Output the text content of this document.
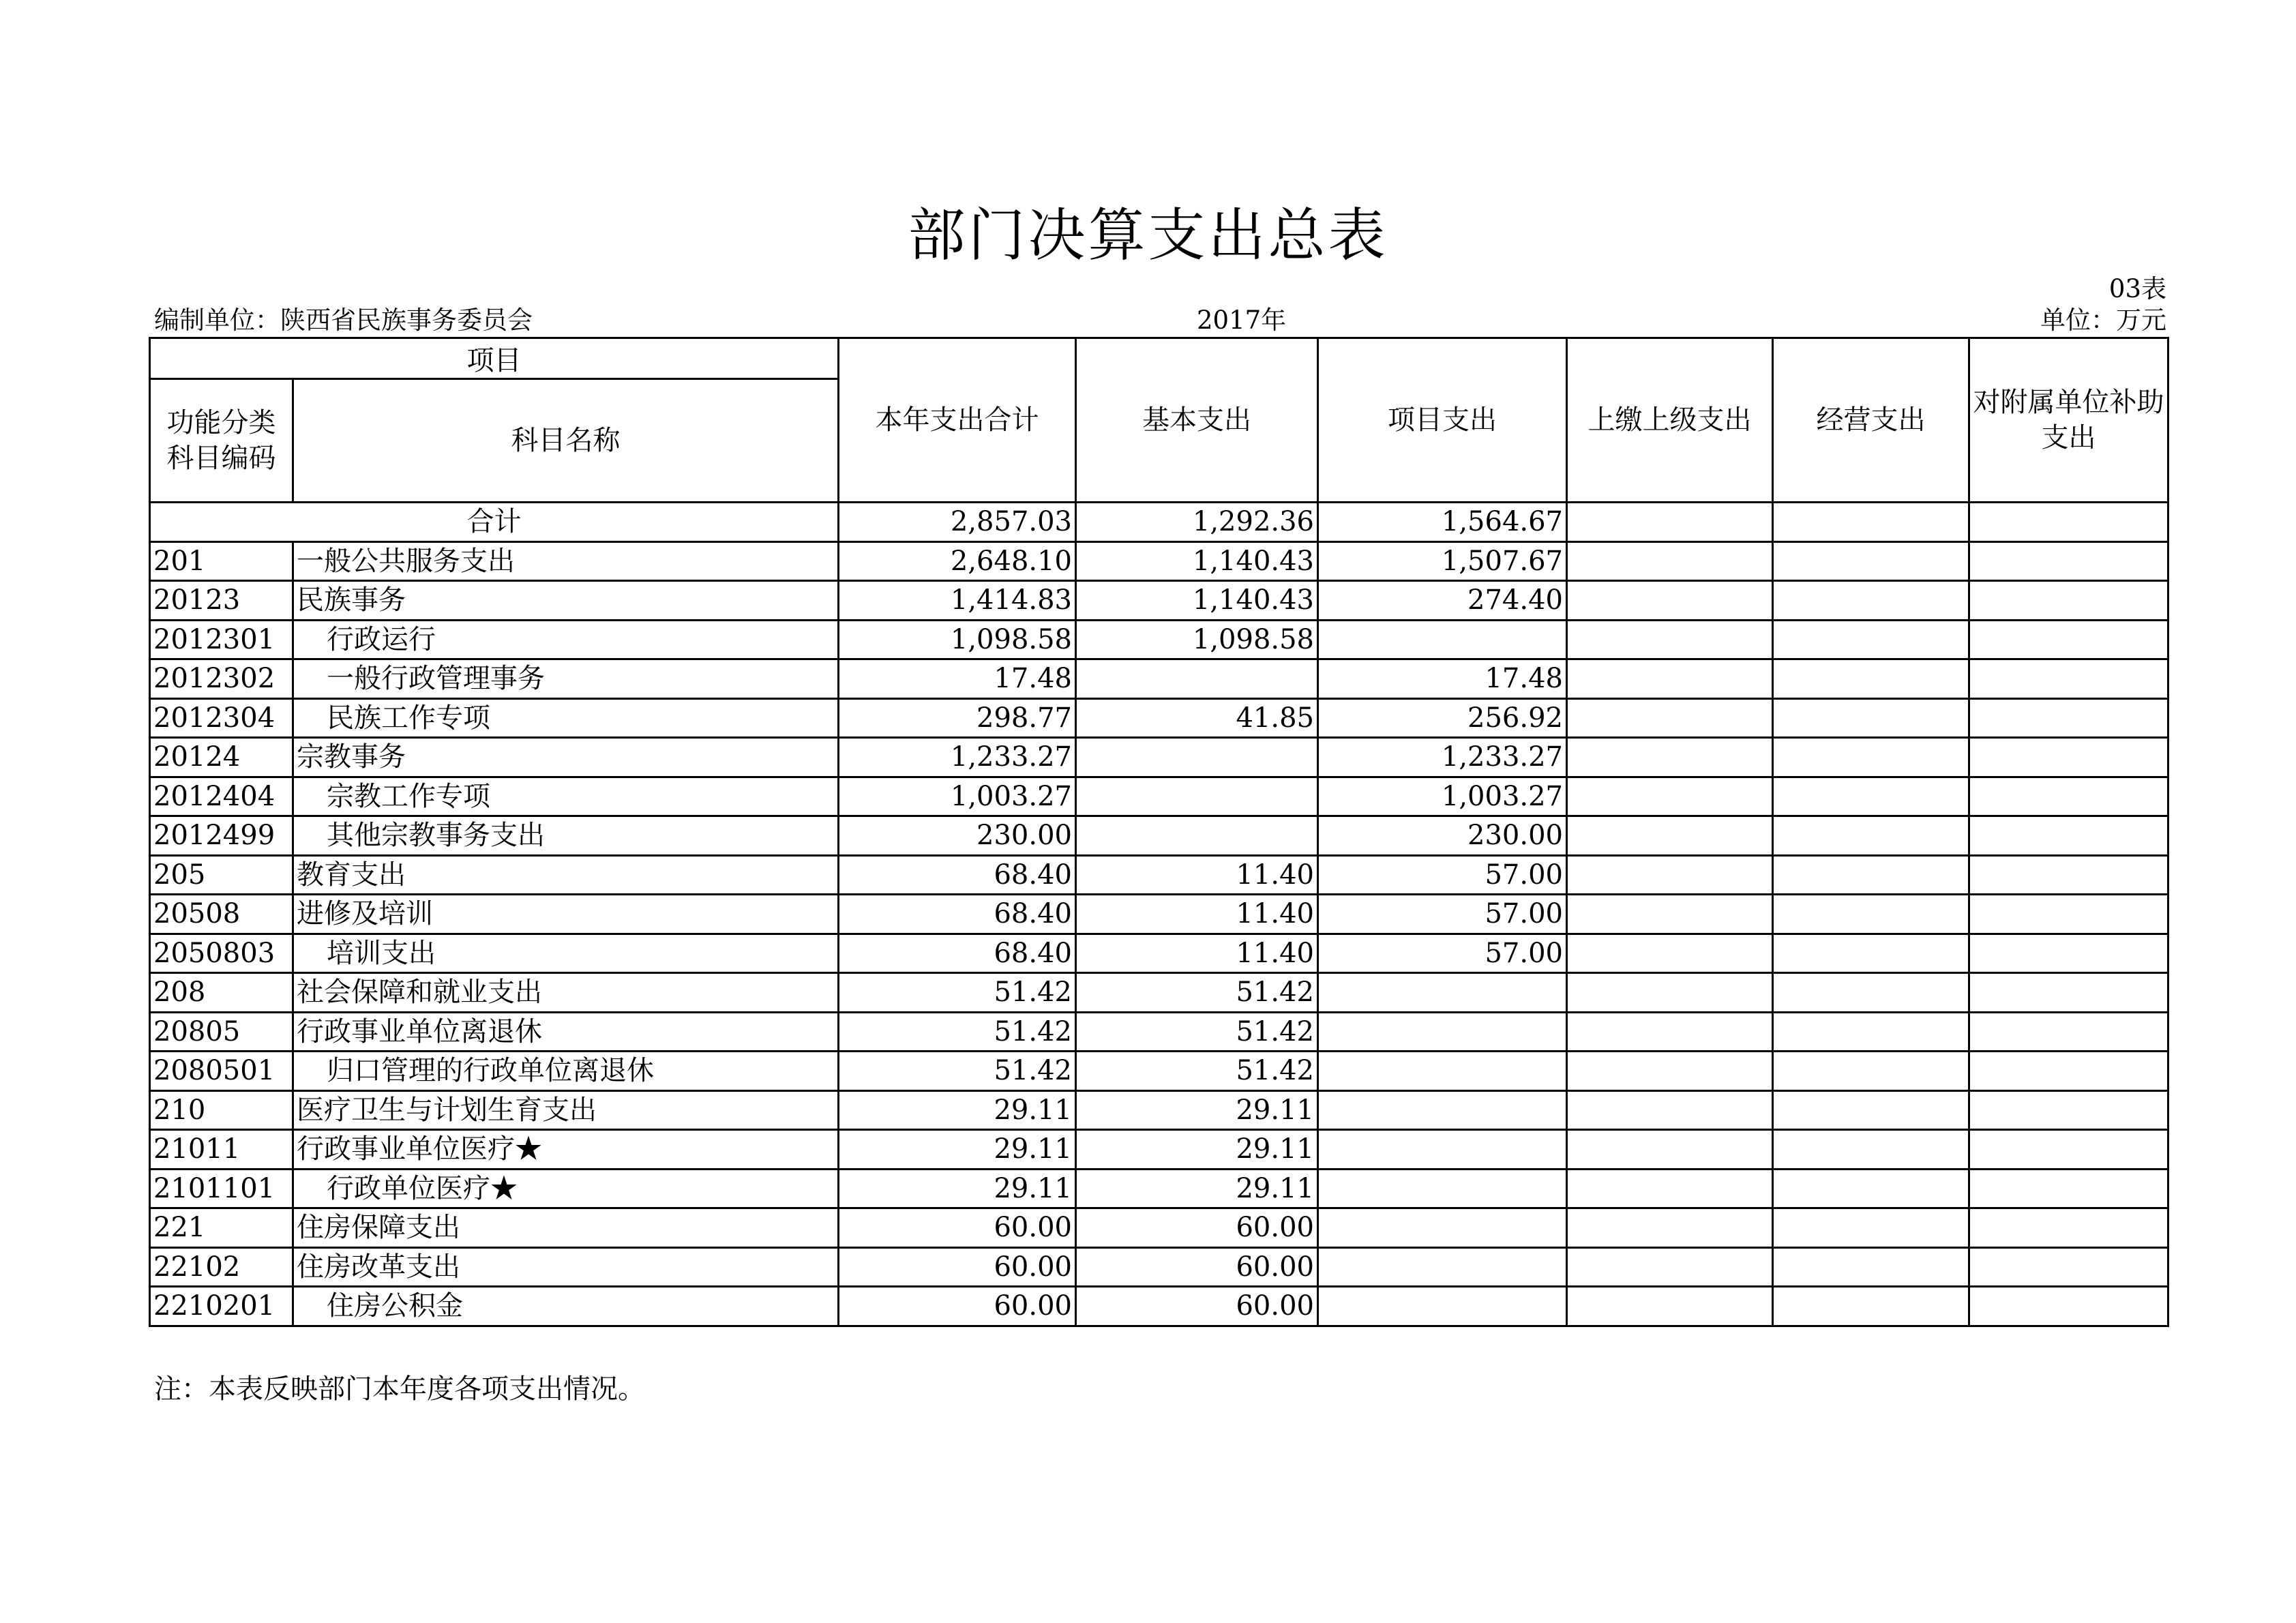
部门决算支出总表
03表
编制单位：陕西省民族事务委员会	2017年	单位：万元
项目		本年支出合计	基本支出	项目支出	上缴上级支出	经营支出	对附属单位补助支出
功能分类科目编码	科目名称						
合计		2,857.03	1,292.36	1,564.67			
201	一般公共服务支出	2,648.10	1,140.43	1,507.67			
20123	民族事务	1,414.83	1,140.43	274.40			
2012301	行政运行	1,098.58	1,098.58				
2012302	一般行政管理事务	17.48		17.48			
2012304	民族工作专项	298.77	41.85	256.92			
20124	宗教事务	1,233.27		1,233.27			
2012404	宗教工作专项	1,003.27		1,003.27			
2012499	其他宗教事务支出	230.00		230.00			
205	教育支出	68.40	11.40	57.00			
20508	进修及培训	68.40	11.40	57.00			
2050803	培训支出	68.40	11.40	57.00			
208	社会保障和就业支出	51.42	51.42				
20805	行政事业单位离退休	51.42	51.42				
2080501	归口管理的行政单位离退休	51.42	51.42				
210	医疗卫生与计划生育支出	29.11	29.11				
21011	行政事业单位医疗★	29.11	29.11				
2101101	行政单位医疗★	29.11	29.11				
221	住房保障支出	60.00	60.00				
22102	住房改革支出	60.00	60.00				
2210201	住房公积金	60.00	60.00				
注：本表反映部门本年度各项支出情况。
